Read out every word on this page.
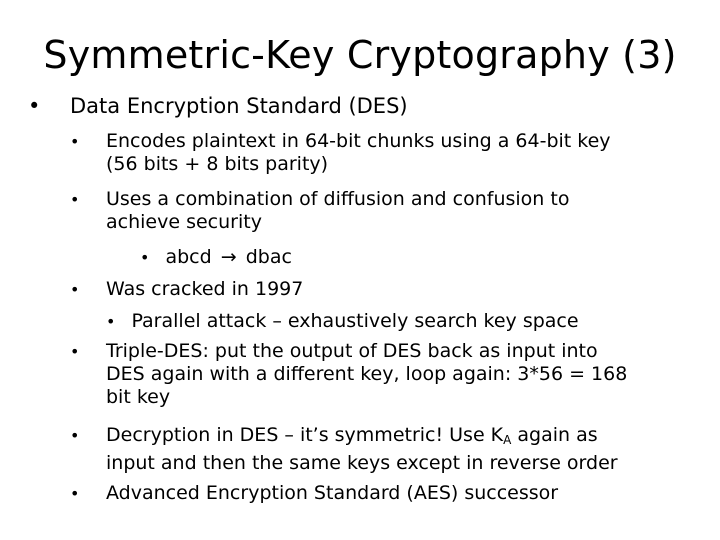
Symmetric-Key Cryptography (3)
• Data Encryption Standard (DES)
• Encodes plaintext in 64-bit chunks using a 64-bit key
(56 bits + 8 bits parity)
• Uses a combination of diffusion and confusion to
achieve security
• abcd → dbac
• Was cracked in 1997
• Parallel attack – exhaustively search key space
• Triple-DES: put the output of DES back as input into
DES again with a different key, loop again: 3*56 = 168
bit key
• Decryption in DES – it’s symmetric! Use $K_A$ again as
input and then the same keys except in reverse order
• Advanced Encryption Standard (AES) successor
